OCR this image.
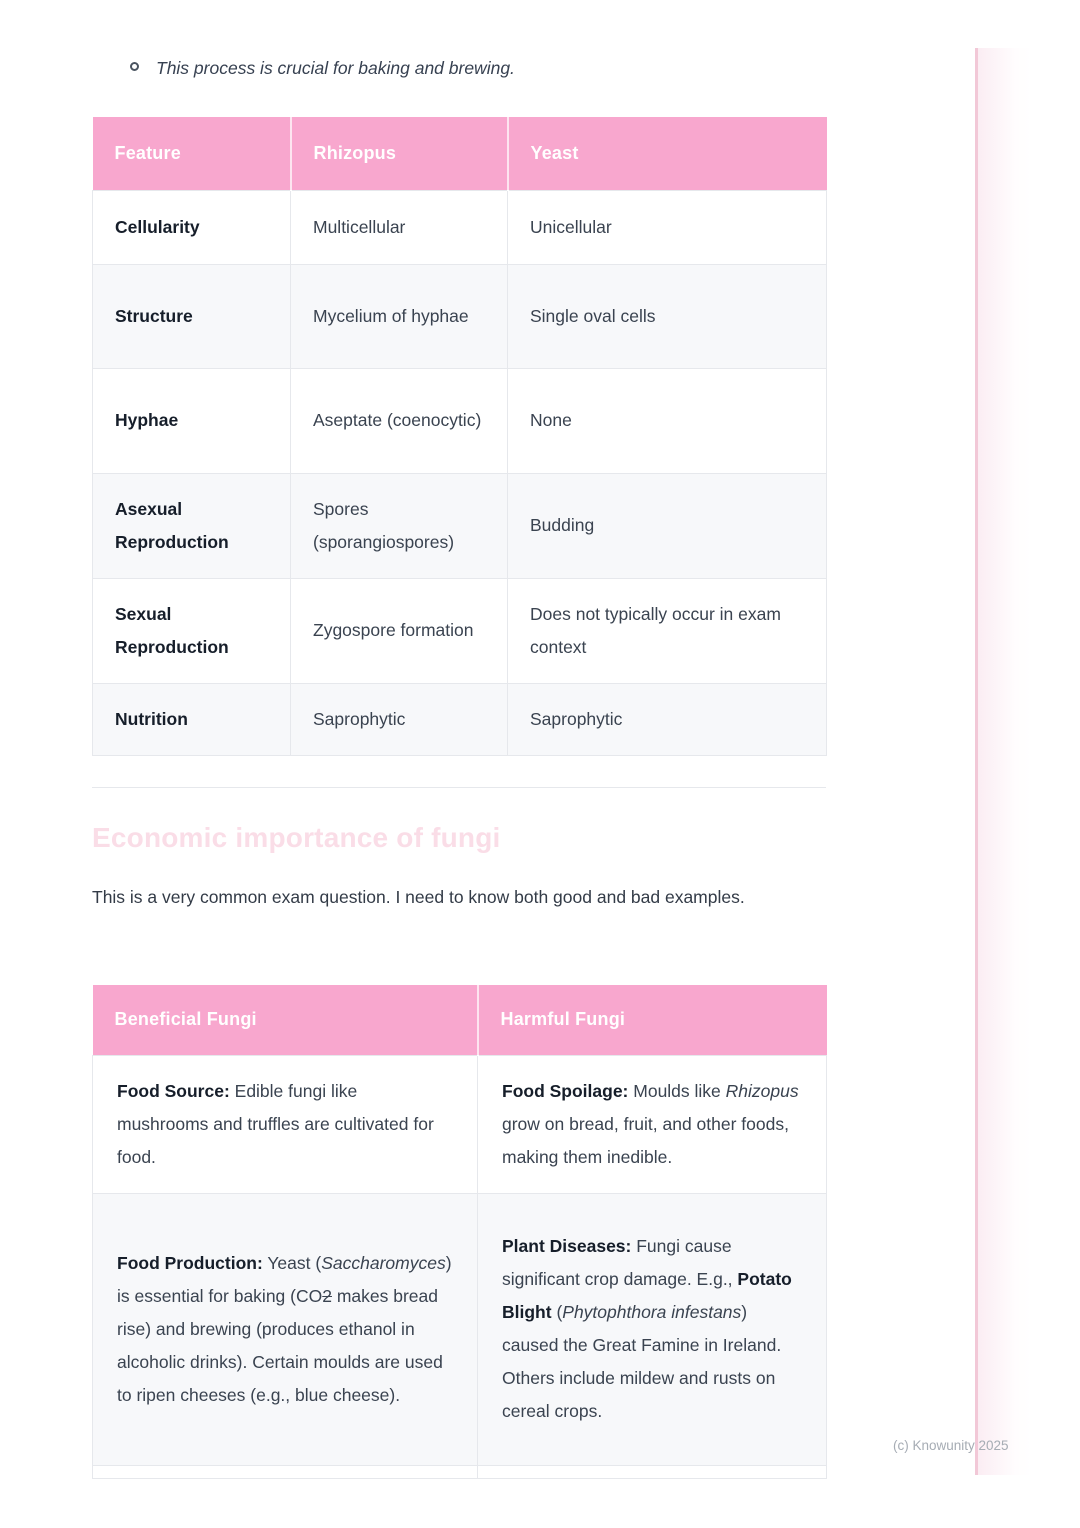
This process is crucial for baking and brewing.
Feature	Rhizopus	Yeast
Cellularity	Multicellular	Unicellular
Structure	Mycelium of hyphae	Single oval cells
Hyphae	Aseptate (coenocytic)	None
Asexual Reproduction	Spores (sporangiospores)	Budding
Sexual Reproduction	Zygospore formation	Does not typically occur in exam context
Nutrition	Saprophytic	Saprophytic
Economic importance of fungi

This is a very common exam question. I need to know both good and bad examples.

Beneficial Fungi	Harmful Fungi
Food Source: Edible fungi like mushrooms and truffles are cultivated for food.	Food Spoilage: Moulds like Rhizopus grow on bread, fruit, and other foods, making them inedible.
Food Production: Yeast (Saccharomyces) is essential for baking (CO2 makes bread rise) and brewing (produces ethanol in alcoholic drinks). Certain moulds are used to ripen cheeses (e.g., blue cheese).	Plant Diseases: Fungi cause significant crop damage. E.g., Potato Blight (Phytophthora infestans) caused the Great Famine in Ireland. Others include mildew and rusts on cereal crops.

(c) Knowunity 2025
